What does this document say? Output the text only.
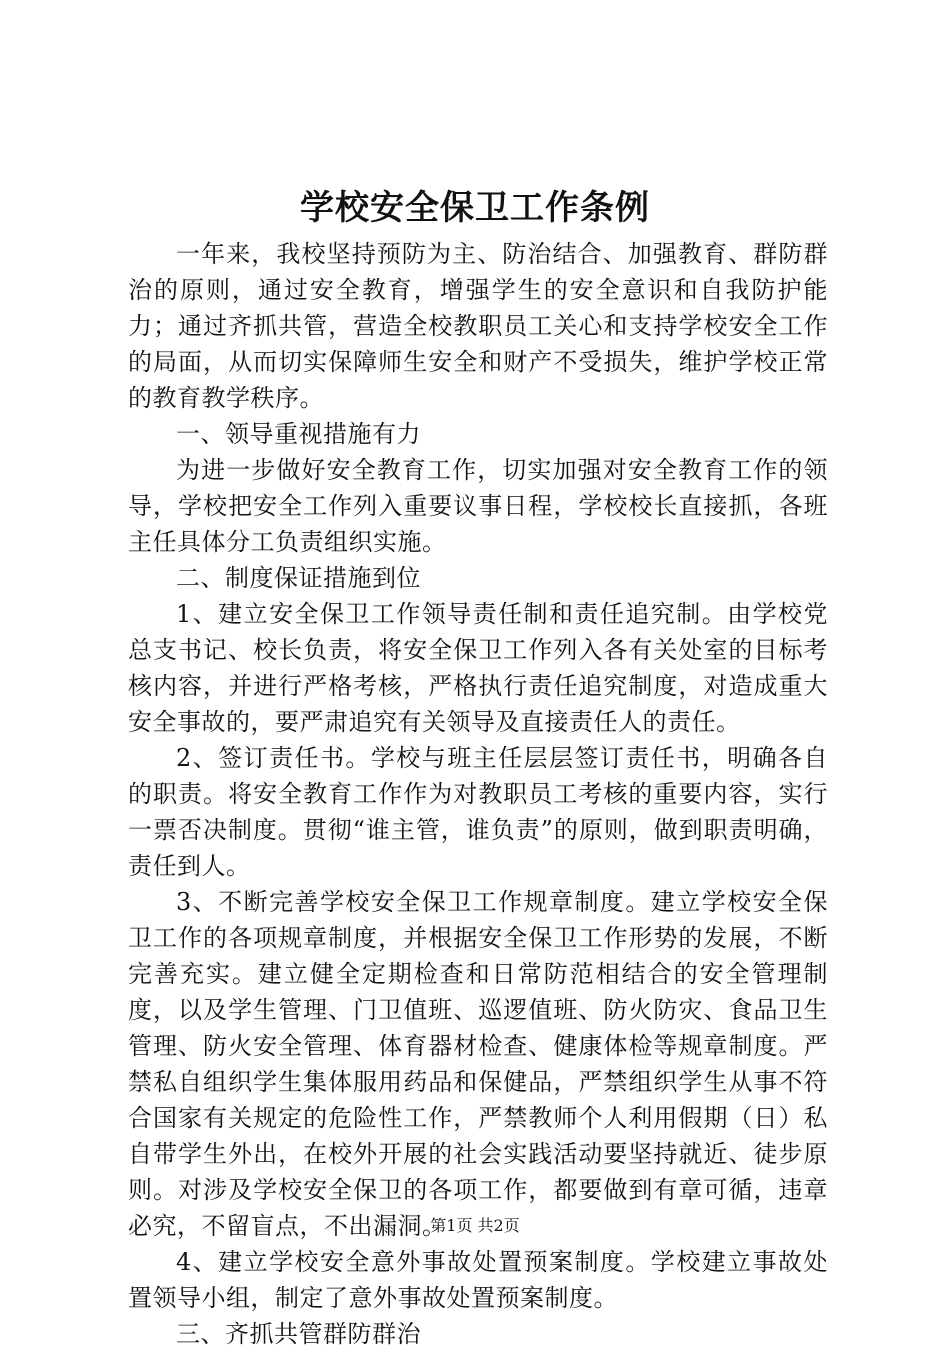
学校安全保卫工作条例

一年来，我校坚持预防为主、防治结合、加强教育、群防群治的原则，通过安全教育，增强学生的安全意识和自我防护能力；通过齐抓共管，营造全校教职员工关心和支持学校安全工作的局面，从而切实保障师生安全和财产不受损失，维护学校正常的教育教学秩序。

一、领导重视措施有力

为进一步做好安全教育工作，切实加强对安全教育工作的领导，学校把安全工作列入重要议事日程，学校校长直接抓，各班主任具体分工负责组织实施。

二、制度保证措施到位

1、建立安全保卫工作领导责任制和责任追究制。由学校党总支书记、校长负责，将安全保卫工作列入各有关处室的目标考核内容，并进行严格考核，严格执行责任追究制度，对造成重大安全事故的，要严肃追究有关领导及直接责任人的责任。

2、签订责任书。学校与班主任层层签订责任书，明确各自的职责。将安全教育工作作为对教职员工考核的重要内容，实行一票否决制度。贯彻“谁主管，谁负责”的原则，做到职责明确，责任到人。

3、不断完善学校安全保卫工作规章制度。建立学校安全保卫工作的各项规章制度，并根据安全保卫工作形势的发展，不断完善充实。建立健全定期检查和日常防范相结合的安全管理制度，以及学生管理、门卫值班、巡逻值班、防火防灾、食品卫生管理、防火安全管理、体育器材检查、健康体检等规章制度。严禁私自组织学生集体服用药品和保健品，严禁组织学生从事不符合国家有关规定的危险性工作，严禁教师个人利用假期（日）私自带学生外出，在校外开展的社会实践活动要坚持就近、徒步原则。对涉及学校安全保卫的各项工作，都要做到有章可循，违章必究，不留盲点，不出漏洞。

4、建立学校安全意外事故处置预案制度。学校建立事故处置领导小组，制定了意外事故处置预案制度。

三、齐抓共管群防群治

第1页 共2页
